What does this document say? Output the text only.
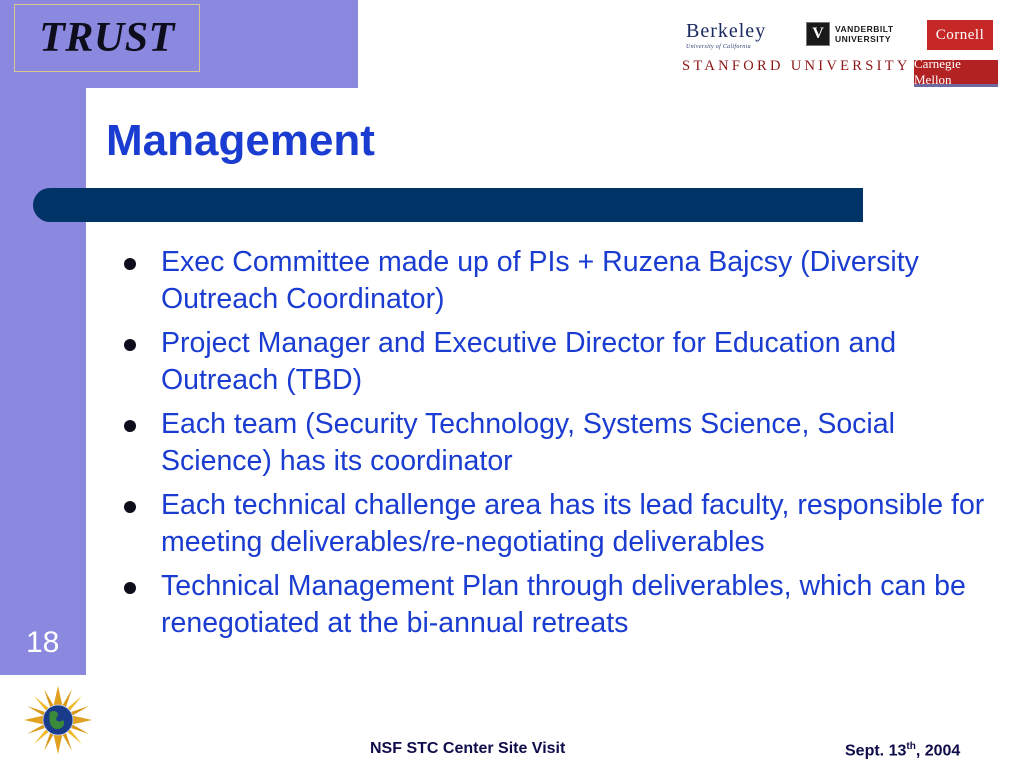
TRUST	Berkeley
University of California
V	VANDERBILT
UNIVERSITY	Cornell
STANFORD UNIVERSITY Carnegie Mellon
Management
Exec Committee made up of PIs + Ruzena Bajcsy (Diversity Outreach Coordinator)
Project Manager and Executive Director for Education and Outreach (TBD)
Each team (Security Technology, Systems Science, Social Science) has its coordinator
Each technical challenge area has its lead faculty, responsible for meeting deliverables/re-negotiating deliverables
Technical Management Plan through deliverables, which can be renegotiated at the bi-annual retreats
18
NSF STC Center Site Visit	Sept. 13th, 2004
